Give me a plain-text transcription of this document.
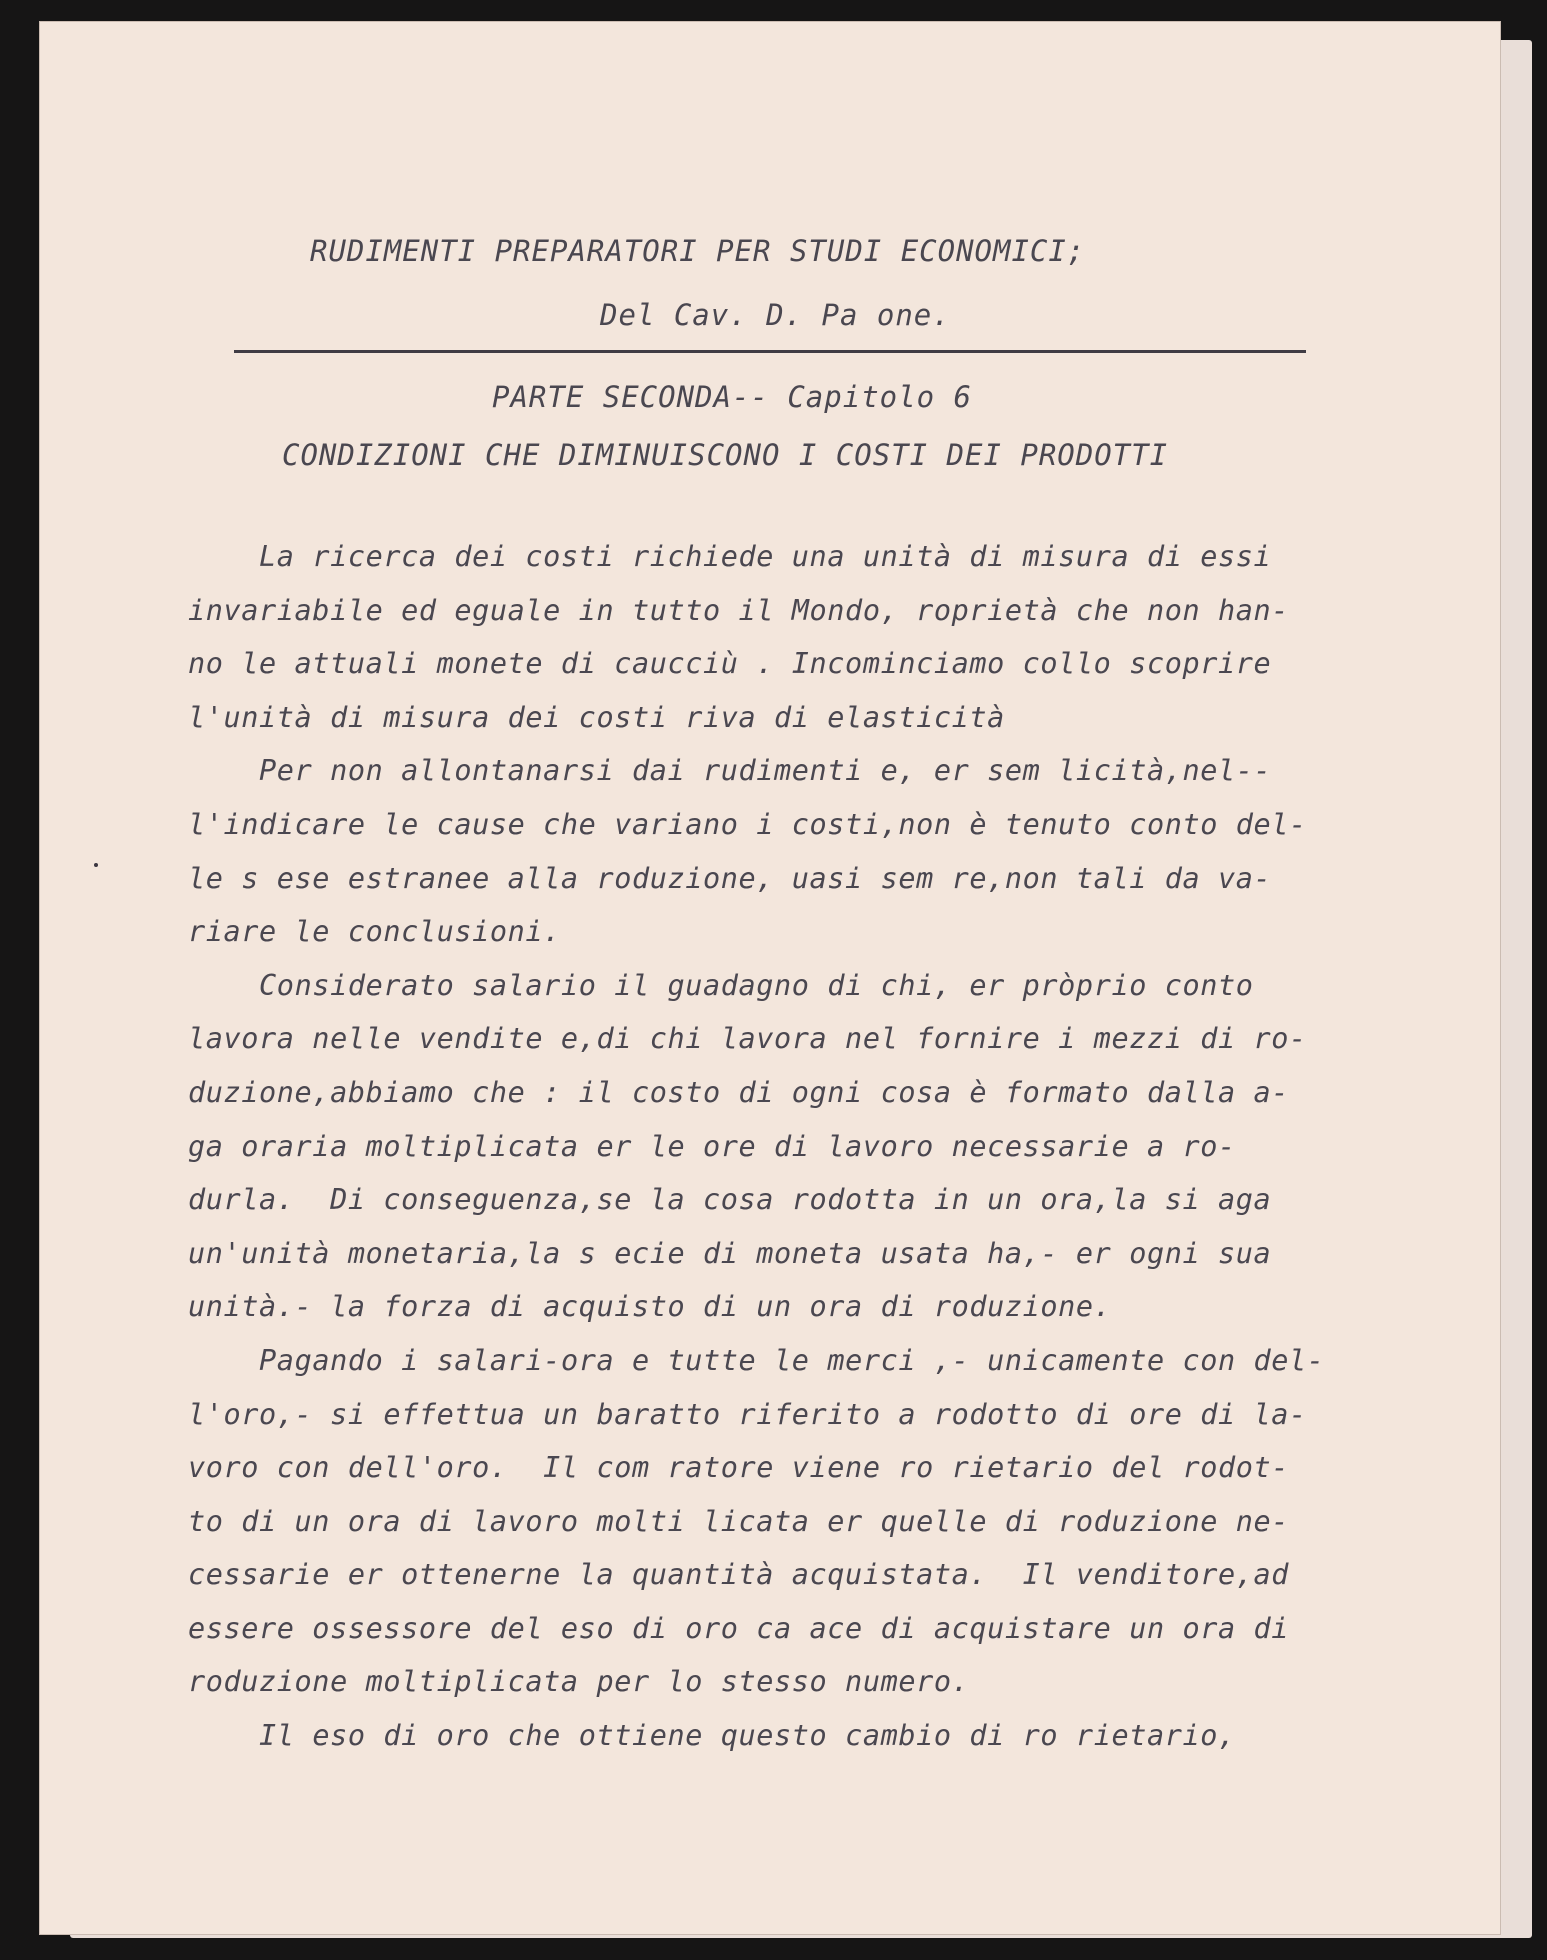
RUDIMENTI PREPARATORI PER STUDI ECONOMICI;
Del Cav. D. Pa one.
PARTE SECONDA-- Capitolo 6
CONDIZIONI CHE DIMINUISCONO I COSTI DEI PRODOTTI

La ricerca dei costi richiede una unità di misura di essi

invariabile ed eguale in tutto il Mondo, roprietà che non han-

no le attuali monete di caucciù . Incominciamo collo scoprire

l'unità di misura dei costi riva di elasticità

Per non allontanarsi dai rudimenti e, er sem licità,nel--

l'indicare le cause che variano i costi,non è tenuto conto del-

le s ese estranee alla roduzione, uasi sem re,non tali da va-

riare le conclusioni.

Considerato salario il guadagno di chi, er pròprio conto

lavora nelle vendite e,di chi lavora nel fornire i mezzi di ro-

duzione,abbiamo che : il costo di ogni cosa è formato dalla a-

ga oraria moltiplicata er le ore di lavoro necessarie a ro-

durla.  Di conseguenza,se la cosa rodotta in un ora,la si aga

un'unità monetaria,la s ecie di moneta usata ha,- er ogni sua

unità.- la forza di acquisto di un ora di roduzione.

Pagando i salari-ora e tutte le merci ,- unicamente con del-

l'oro,- si effettua un baratto riferito a rodotto di ore di la-

voro con dell'oro.  Il com ratore viene ro rietario del rodot-

to di un ora di lavoro molti licata er quelle di roduzione ne-

cessarie er ottenerne la quantità acquistata.  Il venditore,ad

essere ossessore del eso di oro ca ace di acquistare un ora di

roduzione moltiplicata per lo stesso numero.

Il eso di oro che ottiene questo cambio di ro rietario,
